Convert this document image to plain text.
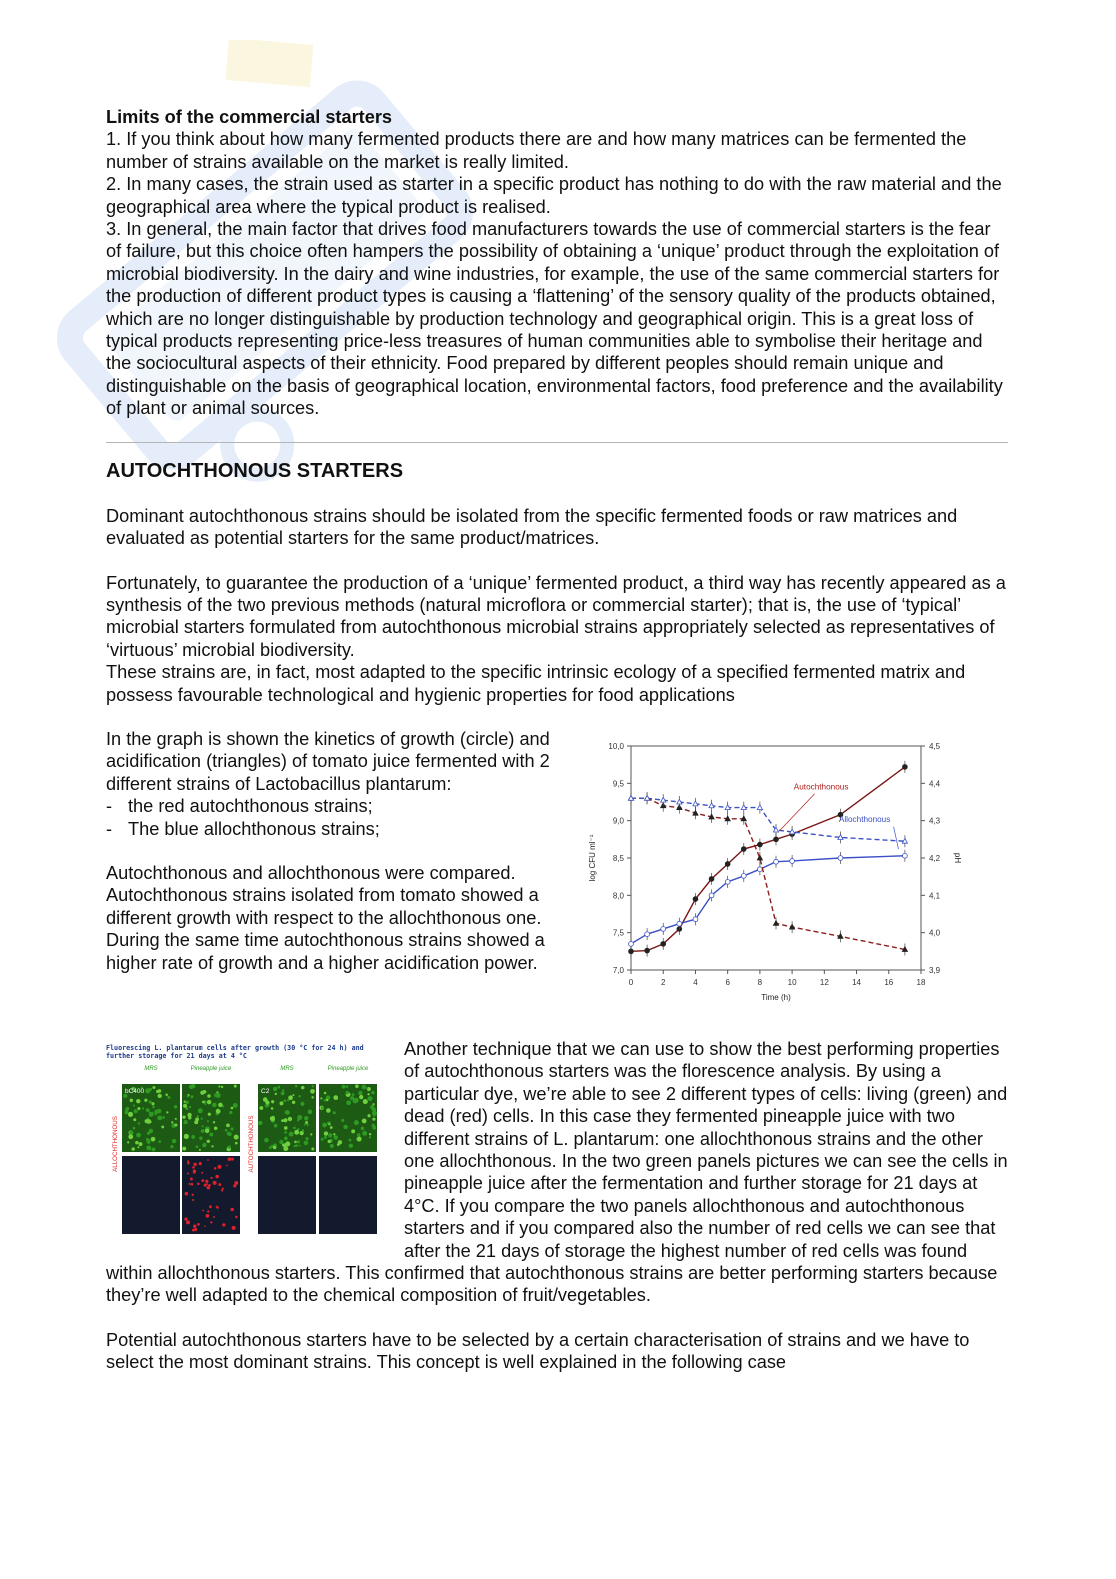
Limits of the commercial starters

1. If you think about how many fermented products there are and how many matrices can be fermented the number of strains available on the market is really limited.

2. In many cases, the strain used as starter in a specific product has nothing to do with the raw material and the geographical area where the typical product is realised.

3. In general, the main factor that drives food manufacturers towards the use of commercial starters is the fear of failure, but this choice often hampers the possibility of obtaining a ‘unique’ product through the exploitation of microbial biodiversity. In the dairy and wine industries, for example, the use of the same commercial starters for the production of different product types is causing a ‘flattening’ of the sensory quality of the products obtained, which are no longer distinguishable by production technology and geographical origin. This is a great loss of typical products representing price-less treasures of human communities able to symbolise their heritage and the sociocultural aspects of their ethnicity. Food prepared by different peoples should remain unique and distinguishable on the basis of geographical location, environmental factors, food preference and the availability of plant or animal sources.

AUTOCHTHONOUS STARTERS

Dominant autochthonous strains should be isolated from the specific fermented foods or raw matrices and evaluated as potential starters for the same product/matrices.

Fortunately, to guarantee the production of a ‘unique’ fermented product, a third way has recently appeared as a synthesis of the two previous methods (natural microflora or commercial starter); that is, the use of ‘typical’ microbial starters formulated from autochthonous microbial strains appropriately selected as representatives of ‘virtuous’ microbial biodiversity.

These strains are, in fact, most adapted to the specific intrinsic ecology of a specified fermented matrix and possess favourable technological and hygienic properties for food applications

In the graph is shown the kinetics of growth (circle) and acidification (triangles) of tomato juice fermented with 2 different strains of Lactobacillus plantarum:

- the red autochthonous strains;
- The blue allochthonous strains;

Autochthonous and allochthonous were compared. Autochthonous strains isolated from tomato showed a different growth with respect to the allochthonous one.

During the same time autochthonous strains showed a higher rate of growth and a higher acidification power.

0	2	4	6	8	10	12	14	16	18
7,0
7,5
8,0
8,5
9,0
9,5
10,0
3,9
4,0
4,1
4,2
4,3
4,4
4,5
Time (h)
log CFU ml⁻¹	pH
Autochthonous
Allochthonous

Fluorescing L. plantarum cells after growth (30 °C for 24 h) and further storage for 21 days at 4 °C

MRS	Pineapple juice
bC400
ALLOCHTHONOUS
MRS	Pineapple juice
C2
AUTOCHTHONOUS

Another technique that we can use to show the best performing properties of autochthonous starters was the florescence analysis. By using a particular dye, we’re able to see 2 different types of cells: living (green) and dead (red) cells. In this case they fermented pineapple juice with two different strains of L. plantarum: one allochthonous strains and the other one allochthonous. In the two green panels pictures we can see the cells in pineapple juice after the fermentation and further storage for 21 days at 4°C. If you compare the two panels allochthonous and autochthonous starters and if you compared also the number of red cells we can see that after the 21 days of storage the highest number of red cells was found within allochthonous starters. This confirmed that autochthonous strains are better performing starters because they’re well adapted to the chemical composition of fruit/vegetables.

Potential autochthonous starters have to be selected by a certain characterisation of strains and we have to select the most dominant strains. This concept is well explained in the following case
